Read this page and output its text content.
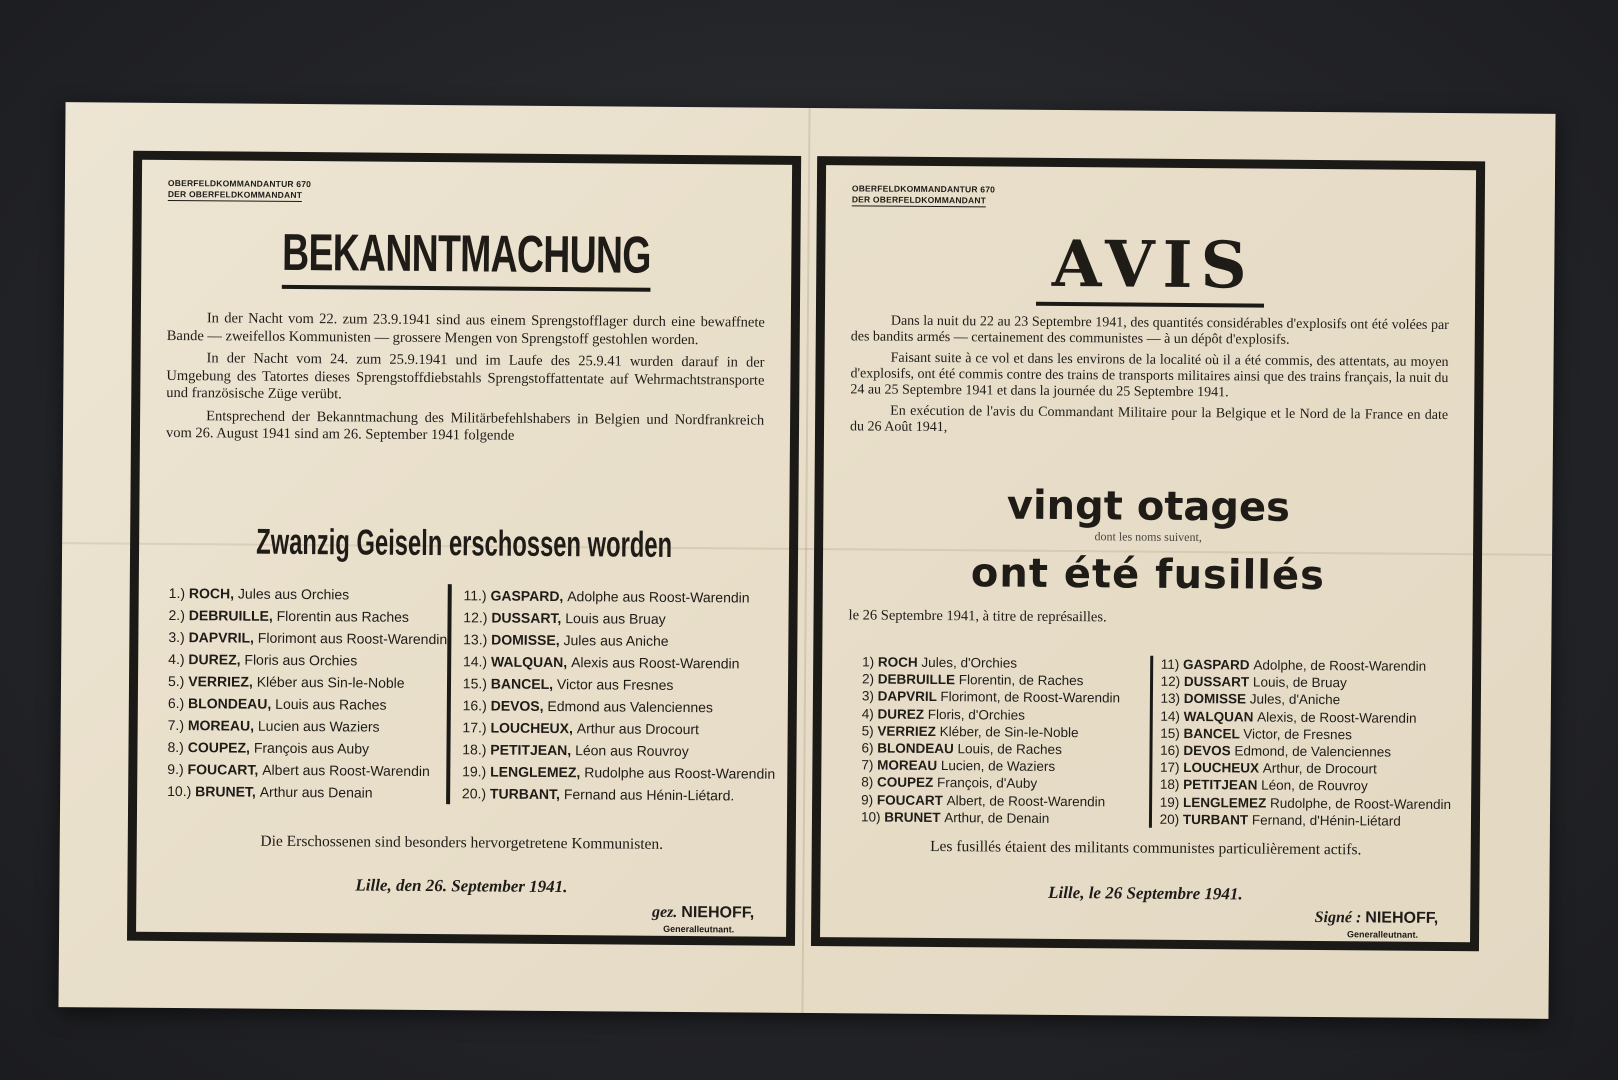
OBERFELDKOMMANDANTUR 670
DER OBERFELDKOMMANDANT
BEKANNTMACHUNG

In der Nacht vom 22. zum 23.9.1941 sind aus einem Sprengstofflager durch eine bewaffnete Bande — zweifellos Kommunisten — grossere Mengen von Sprengstoff gestohlen worden.

In der Nacht vom 24. zum 25.9.1941 und im Laufe des 25.9.41 wurden darauf in der Umgebung des Tatortes dieses Sprengstoffdiebstahls Sprengstoffattentate auf Wehrmachtstransporte und französische Züge verübt.

Entsprechend der Bekanntmachung des Militärbefehlshabers in Belgien und Nordfrankreich vom 26. August 1941 sind am 26. September 1941 folgende

Zwanzig Geiseln erschossen worden
1.) ROCH, Jules aus Orchies
2.) DEBRUILLE, Florentin aus Raches
3.) DAPVRIL, Florimont aus Roost-Warendin
4.) DUREZ, Floris aus Orchies
5.) VERRIEZ, Kléber aus Sin-le-Noble
6.) BLONDEAU, Louis aus Raches
7.) MOREAU, Lucien aus Waziers
8.) COUPEZ, François aus Auby
9.) FOUCART, Albert aus Roost-Warendin
10.) BRUNET, Arthur aus Denain
11.) GASPARD, Adolphe aus Roost-Warendin
12.) DUSSART, Louis aus Bruay
13.) DOMISSE, Jules aus Aniche
14.) WALQUAN, Alexis aus Roost-Warendin
15.) BANCEL, Victor aus Fresnes
16.) DEVOS, Edmond aus Valenciennes
17.) LOUCHEUX, Arthur aus Drocourt
18.) PETITJEAN, Léon aus Rouvroy
19.) LENGLEMEZ, Rudolphe aus Roost-Warendin
20.) TURBANT, Fernand aus Hénin-Liétard.
Die Erschossenen sind besonders hervorgetretene Kommunisten.
Lille, den 26. September 1941.
gez. NIEHOFF,
Generalleutnant.
OBERFELDKOMMANDANTUR 670
DER OBERFELDKOMMANDANT
AVIS

Dans la nuit du 22 au 23 Septembre 1941, des quantités considérables d'explosifs ont été volées par des bandits armés — certainement des communistes — à un dépôt d'explosifs.

Faisant suite à ce vol et dans les environs de la localité où il a été commis, des attentats, au moyen d'explosifs, ont été commis contre des trains de transports militaires ainsi que des trains français, la nuit du 24 au 25 Septembre 1941 et dans la journée du 25 Septembre 1941.

En exécution de l'avis du Commandant Militaire pour la Belgique et le Nord de la France en date du 26 Août 1941,

vingt otages
dont les noms suivent,
ont été fusillés
le 26 Septembre 1941, à titre de représailles.
1) ROCH Jules, d'Orchies
2) DEBRUILLE Florentin, de Raches
3) DAPVRIL Florimont, de Roost-Warendin
4) DUREZ Floris, d'Orchies
5) VERRIEZ Kléber, de Sin-le-Noble
6) BLONDEAU Louis, de Raches
7) MOREAU Lucien, de Waziers
8) COUPEZ François, d'Auby
9) FOUCART Albert, de Roost-Warendin
10) BRUNET Arthur, de Denain
11) GASPARD Adolphe, de Roost-Warendin
12) DUSSART Louis, de Bruay
13) DOMISSE Jules, d'Aniche
14) WALQUAN Alexis, de Roost-Warendin
15) BANCEL Victor, de Fresnes
16) DEVOS Edmond, de Valenciennes
17) LOUCHEUX Arthur, de Drocourt
18) PETITJEAN Léon, de Rouvroy
19) LENGLEMEZ Rudolphe, de Roost-Warendin
20) TURBANT Fernand, d'Hénin-Liétard
Les fusillés étaient des militants communistes particulièrement actifs.
Lille, le 26 Septembre 1941.
Signé : NIEHOFF,
Generalleutnant.
